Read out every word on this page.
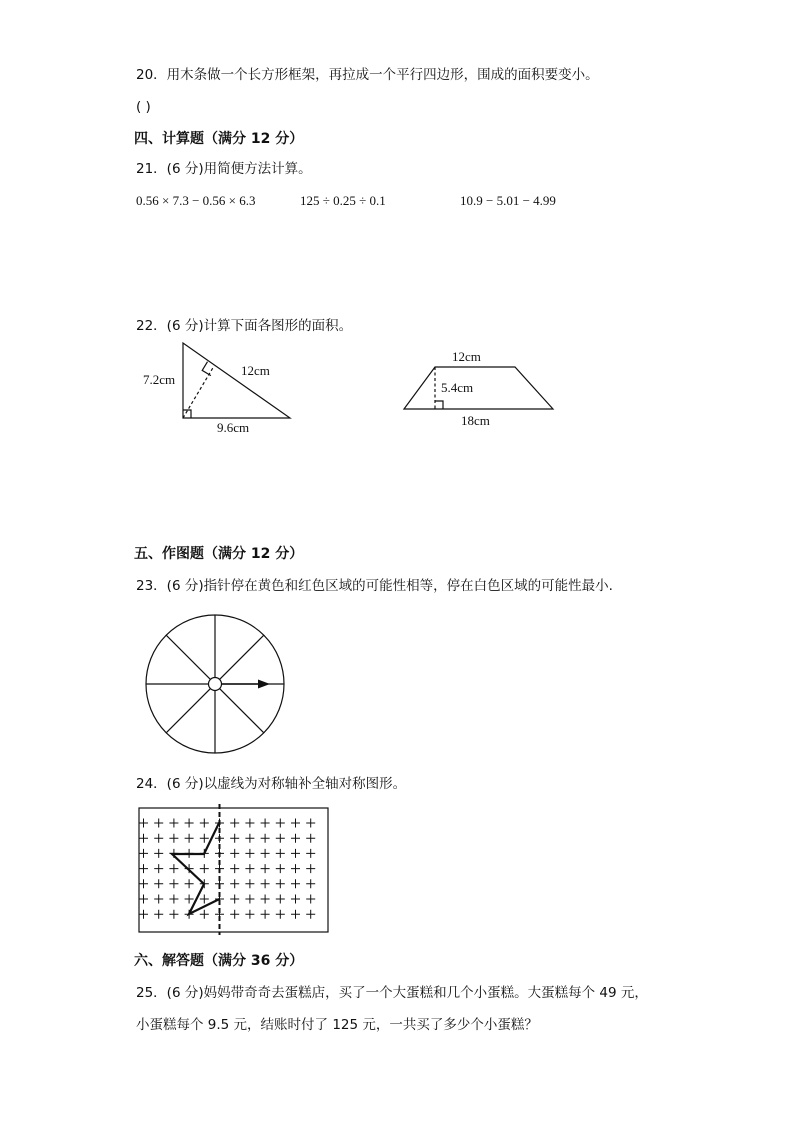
20．用木条做一个长方形框架，再拉成一个平行四边形，围成的面积要变小。
( )
四、计算题（满分 12 分）
21．(6 分)用简便方法计算。
0.56 × 7.3 − 0.56 × 6.3	125 ÷ 0.25 ÷ 0.1	10.9 − 5.01 − 4.99
22．(6 分)计算下面各图形的面积。
7.2cm
12cm
9.6cm
12cm
5.4cm
18cm
五、作图题（满分 12 分）
23．(6 分)指针停在黄色和红色区域的可能性相等，停在白色区域的可能性最小.
24．(6 分)以虚线为对称轴补全轴对称图形。
六、解答题（满分 36 分）
25．(6 分)妈妈带奇奇去蛋糕店，买了一个大蛋糕和几个小蛋糕。大蛋糕每个 49 元，
小蛋糕每个 9.5 元，结账时付了 125 元，一共买了多少个小蛋糕？
